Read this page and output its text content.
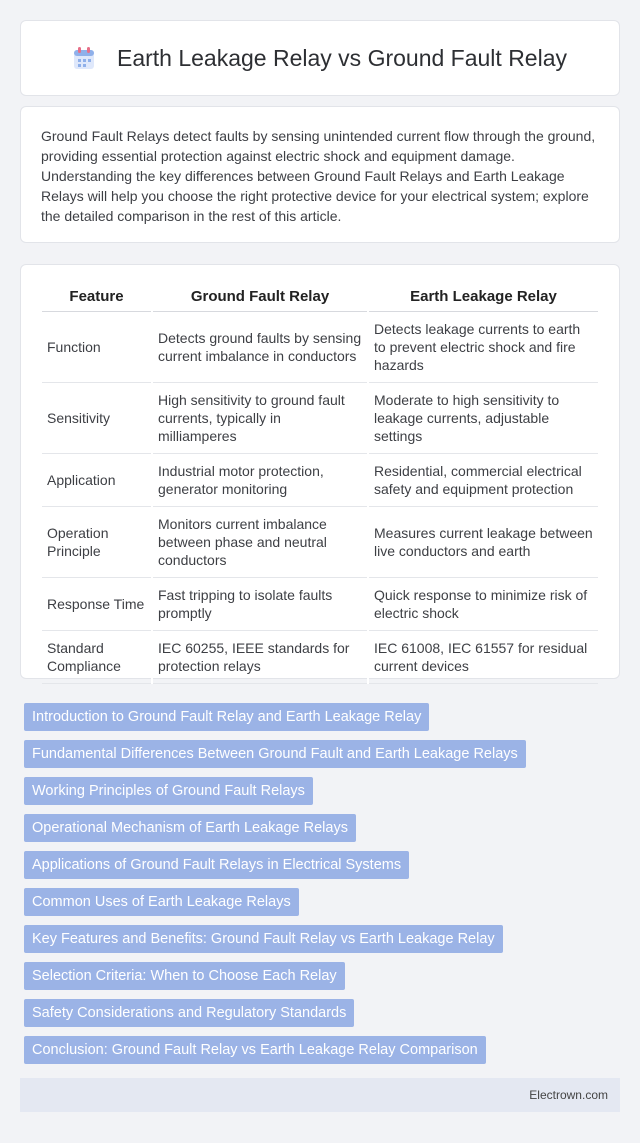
Earth Leakage Relay vs Ground Fault Relay

Ground Fault Relays detect faults by sensing unintended current flow through the ground, providing essential protection against electric shock and equipment damage. Understanding the key differences between Ground Fault Relays and Earth Leakage Relays will help you choose the right protective device for your electrical system; explore the detailed comparison in the rest of this article.

Feature	Ground Fault Relay	Earth Leakage Relay
Function	Detects ground faults by sensing current imbalance in conductors	Detects leakage currents to earth to prevent electric shock and fire hazards
Sensitivity	High sensitivity to ground fault currents, typically in milliamperes	Moderate to high sensitivity to leakage currents, adjustable settings
Application	Industrial motor protection, generator monitoring	Residential, commercial electrical safety and equipment protection
Operation Principle	Monitors current imbalance between phase and neutral conductors	Measures current leakage between live conductors and earth
Response Time	Fast tripping to isolate faults promptly	Quick response to minimize risk of electric shock
Standard Compliance	IEC 60255, IEEE standards for protection relays	IEC 61008, IEC 61557 for residual current devices
Introduction to Ground Fault Relay and Earth Leakage Relay
Fundamental Differences Between Ground Fault and Earth Leakage Relays
Working Principles of Ground Fault Relays
Operational Mechanism of Earth Leakage Relays
Applications of Ground Fault Relays in Electrical Systems
Common Uses of Earth Leakage Relays
Key Features and Benefits: Ground Fault Relay vs Earth Leakage Relay
Selection Criteria: When to Choose Each Relay
Safety Considerations and Regulatory Standards
Conclusion: Ground Fault Relay vs Earth Leakage Relay Comparison
Electrown.com
